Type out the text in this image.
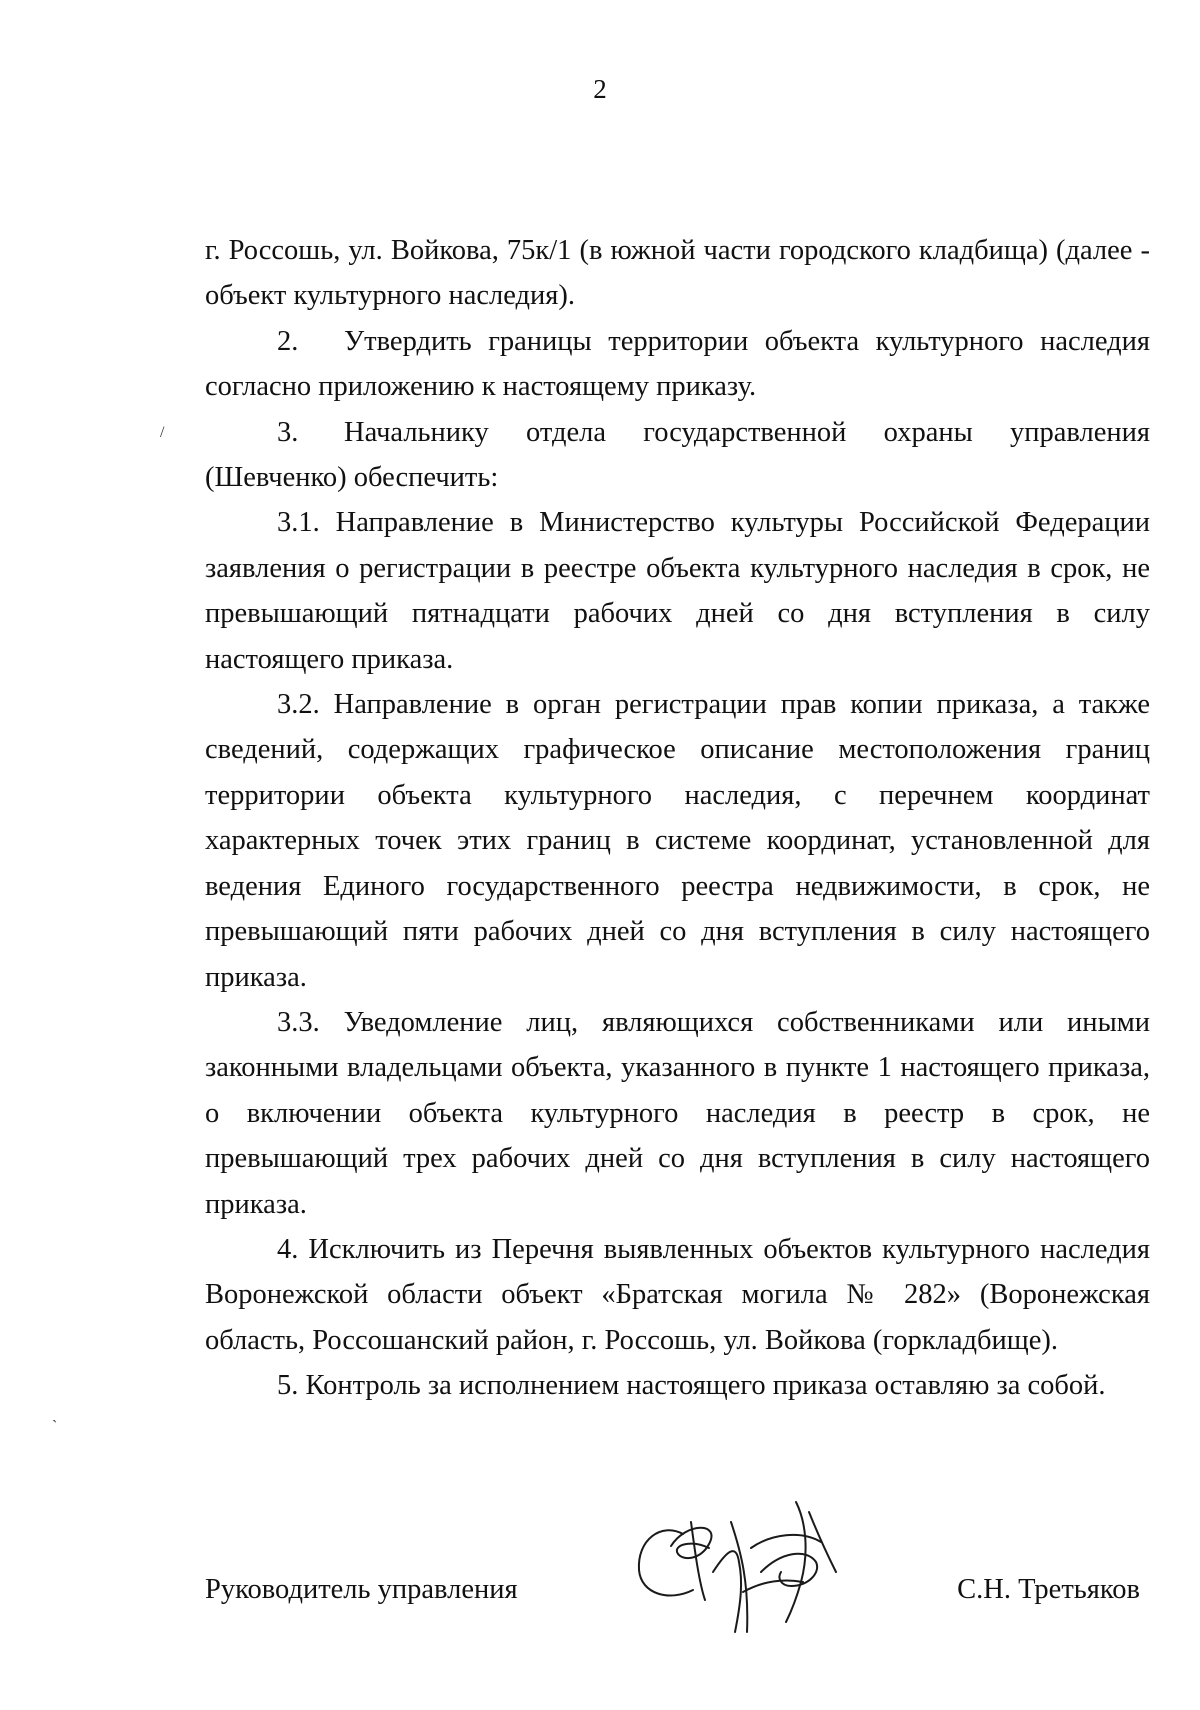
2
/
`

г. Россошь, ул. Войкова, 75к/1 (в южной части городского кладбища) (далее - объект культурного наследия).

2. Утвердить границы территории объекта культурного наследия согласно приложению к настоящему приказу.

3. Начальнику отдела государственной охраны управления (Шевченко) обеспечить:

3.1. Направление в Министерство культуры Российской Федерации заявления о регистрации в реестре объекта культурного наследия в срок, не превышающий пятнадцати рабочих дней со дня вступления в силу настоящего приказа.

3.2. Направление в орган регистрации прав копии приказа, а также сведений, содержащих графическое описание местоположения границ территории объекта культурного наследия, с перечнем координат характерных точек этих границ в системе координат, установленной для ведения Единого государственного реестра недвижимости, в срок, не превышающий пяти рабочих дней со дня вступления в силу настоящего приказа.

3.3. Уведомление лиц, являющихся собственниками или иными законными владельцами объекта, указанного в пункте 1 настоящего приказа, о включении объекта культурного наследия в реестр в срок, не превышающий трех рабочих дней со дня вступления в силу настоящего приказа.

4. Исключить из Перечня выявленных объектов культурного наследия Воронежской области объект «Братская могила № 282» (Воронежская область, Россошанский район, г. Россошь, ул. Войкова (горкладбище).

5. Контроль за исполнением настоящего приказа оставляю за собой.

Руководитель управления	С.Н. Третьяков
